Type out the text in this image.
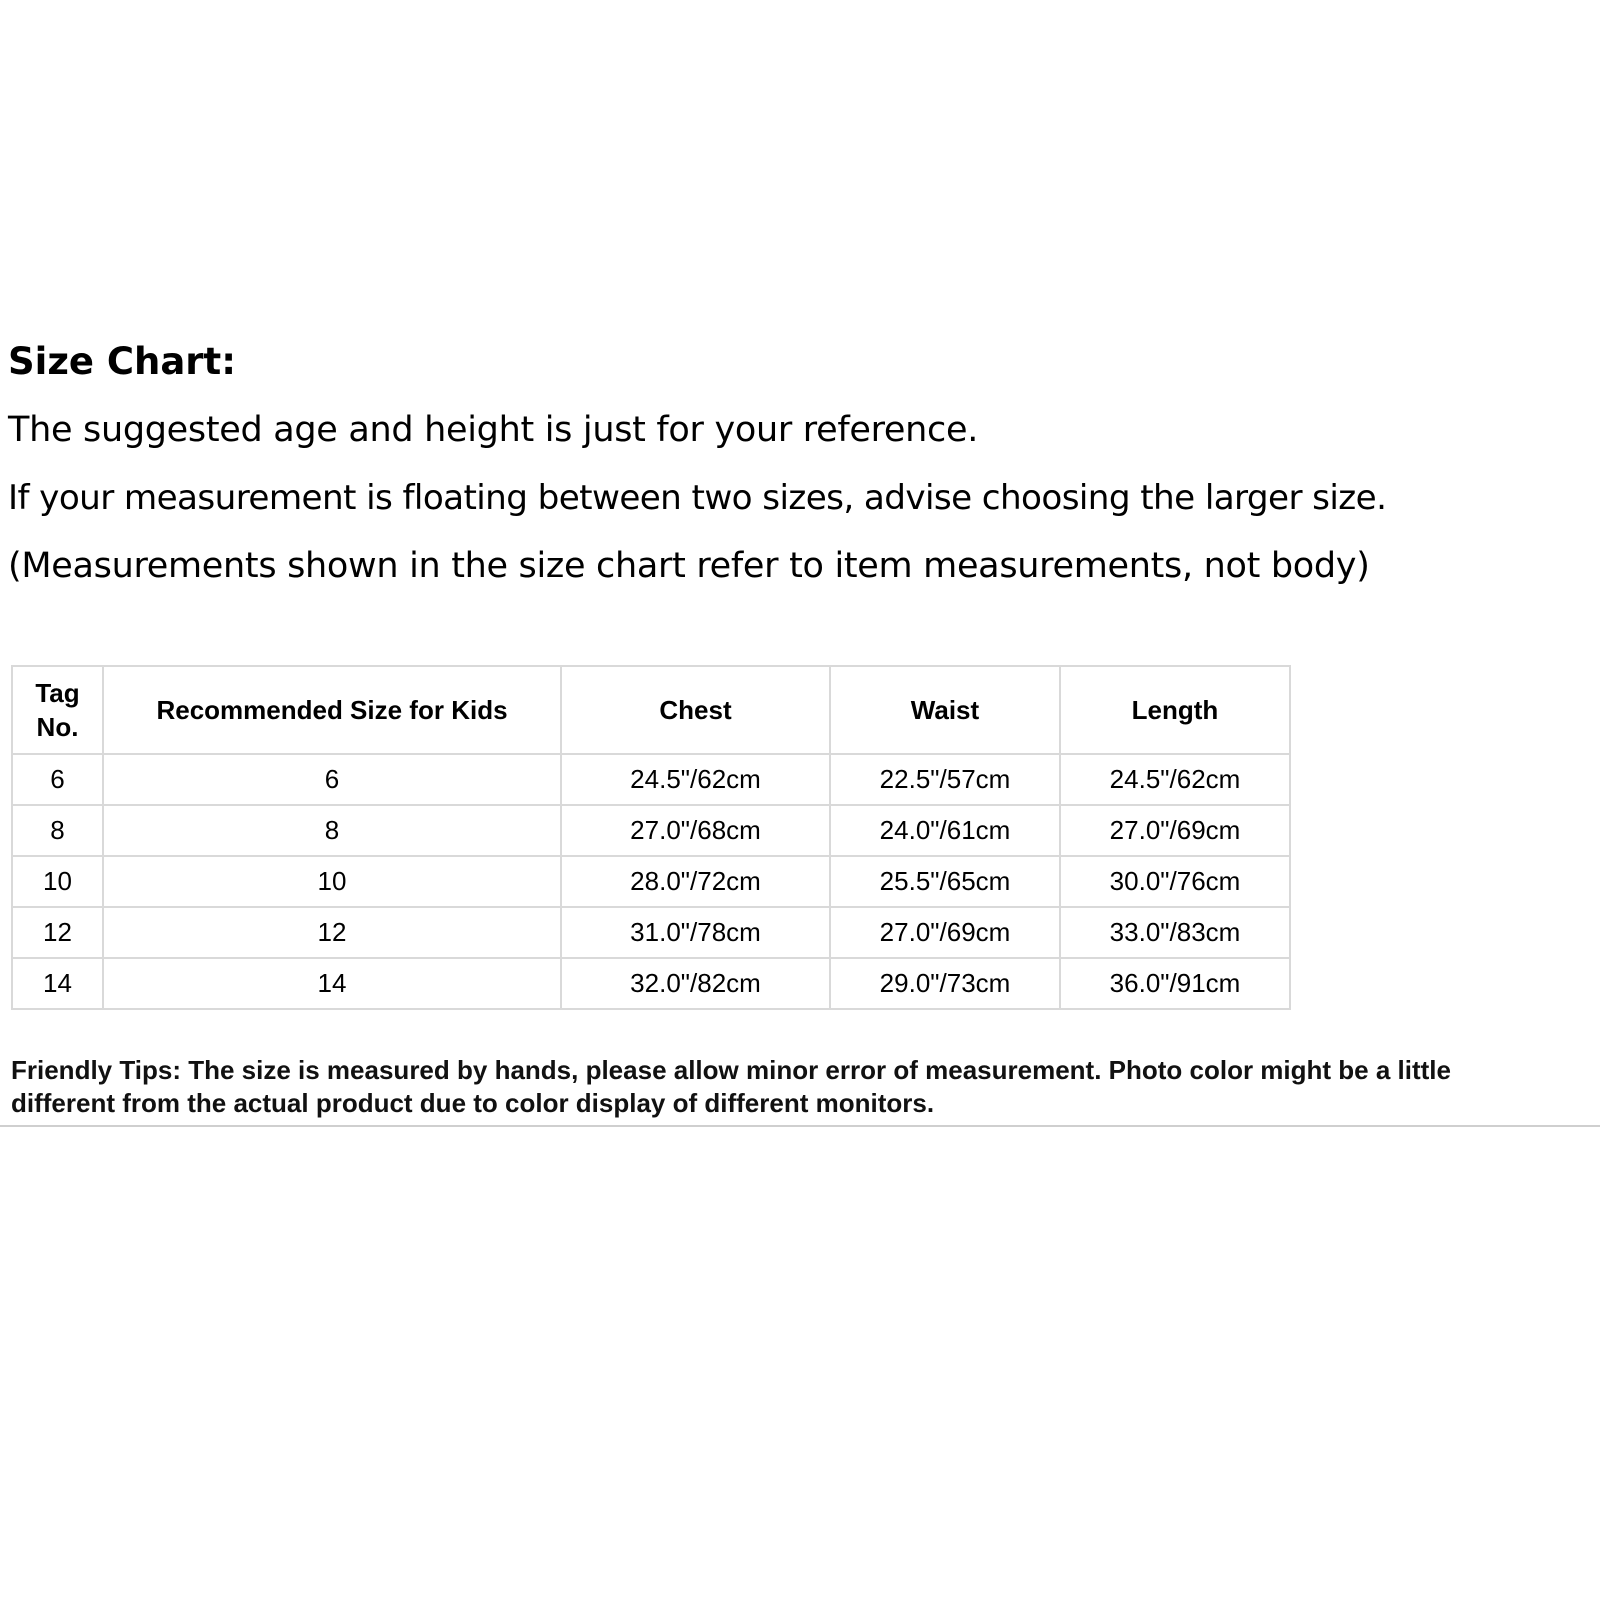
Size Chart:
The suggested age and height is just for your reference.
If your measurement is floating between two sizes, advise choosing the larger size.
(Measurements shown in the size chart refer to item measurements, not body)
Tag No.	Recommended Size for Kids	Chest	Waist	Length
6	6	24.5"/62cm	22.5"/57cm	24.5"/62cm
8	8	27.0"/68cm	24.0"/61cm	27.0"/69cm
10	10	28.0"/72cm	25.5"/65cm	30.0"/76cm
12	12	31.0"/78cm	27.0"/69cm	33.0"/83cm
14	14	32.0"/82cm	29.0"/73cm	36.0"/91cm
Friendly Tips: The size is measured by hands, please allow minor error of measurement. Photo color might be a little
different from the actual product due to color display of different monitors.
